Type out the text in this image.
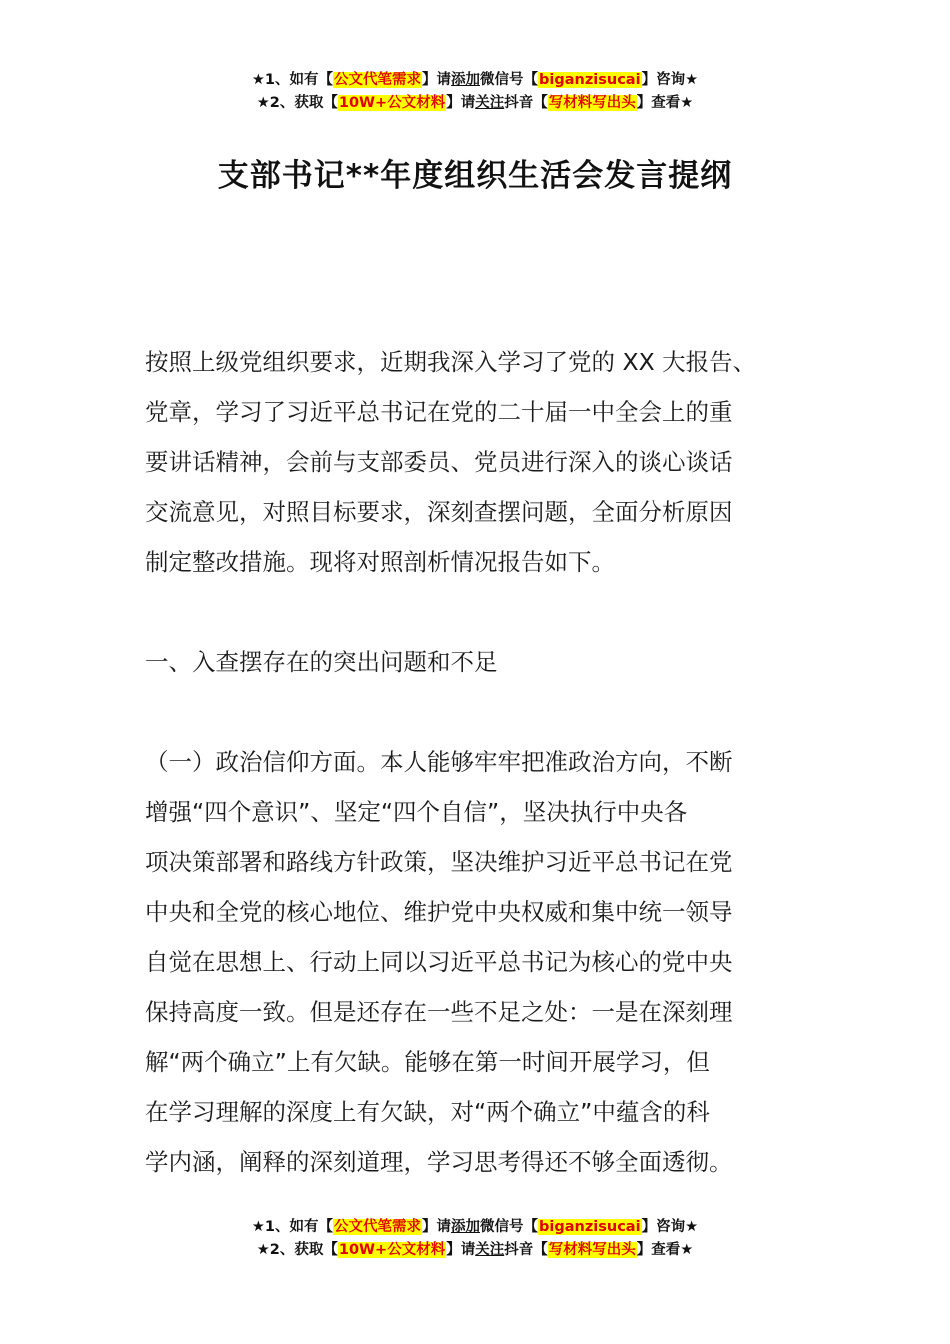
★1、如有【公文代笔需求】请添加微信号【biganzisucai】咨询★
★2、获取【10W+公文材料】请关注抖音【写材料写出头】查看★
支部书记**年度组织生活会发言提纲
按照上级党组织要求，近期我深入学习了党的 XX 大报告、
党章，学习了习近平总书记在党的二十届一中全会上的重
要讲话精神，会前与支部委员、党员进行深入的谈心谈话
交流意见，对照目标要求，深刻查摆问题，全面分析原因
制定整改措施。现将对照剖析情况报告如下。
一、入查摆存在的突出问题和不足
（一）政治信仰方面。本人能够牢牢把准政治方向，不断
增强“四个意识”、坚定“四个自信”，坚决执行中央各
项决策部署和路线方针政策，坚决维护习近平总书记在党
中央和全党的核心地位、维护党中央权威和集中统一领导
自觉在思想上、行动上同以习近平总书记为核心的党中央
保持高度一致。但是还存在一些不足之处：一是在深刻理
解“两个确立”上有欠缺。能够在第一时间开展学习，但
在学习理解的深度上有欠缺，对“两个确立”中蕴含的科
学内涵，阐释的深刻道理，学习思考得还不够全面透彻。
★1、如有【公文代笔需求】请添加微信号【biganzisucai】咨询★
★2、获取【10W+公文材料】请关注抖音【写材料写出头】查看★
